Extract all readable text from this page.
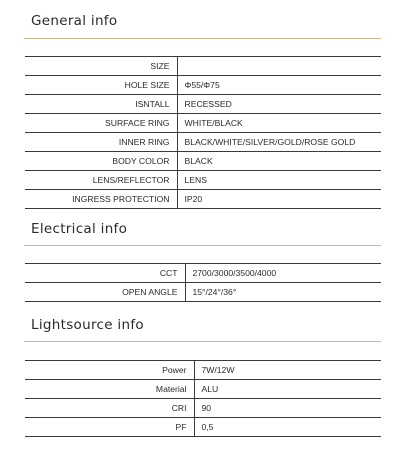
General info
SIZE	
HOLE SIZE	Φ55/Φ75
ISNTALL	RECESSED
SURFACE RING	WHITE/BLACK
INNER RING	BLACK/WHITE/SILVER/GOLD/ROSE GOLD
BODY COLOR	BLACK
LENS/REFLECTOR	LENS
INGRESS PROTECTION	IP20
Electrical info
CCT	2700/3000/3500/4000
OPEN ANGLE	15°/24°/36°
Lightsource info
Power	7W/12W
Material	ALU
CRI	90
PF	0,5
